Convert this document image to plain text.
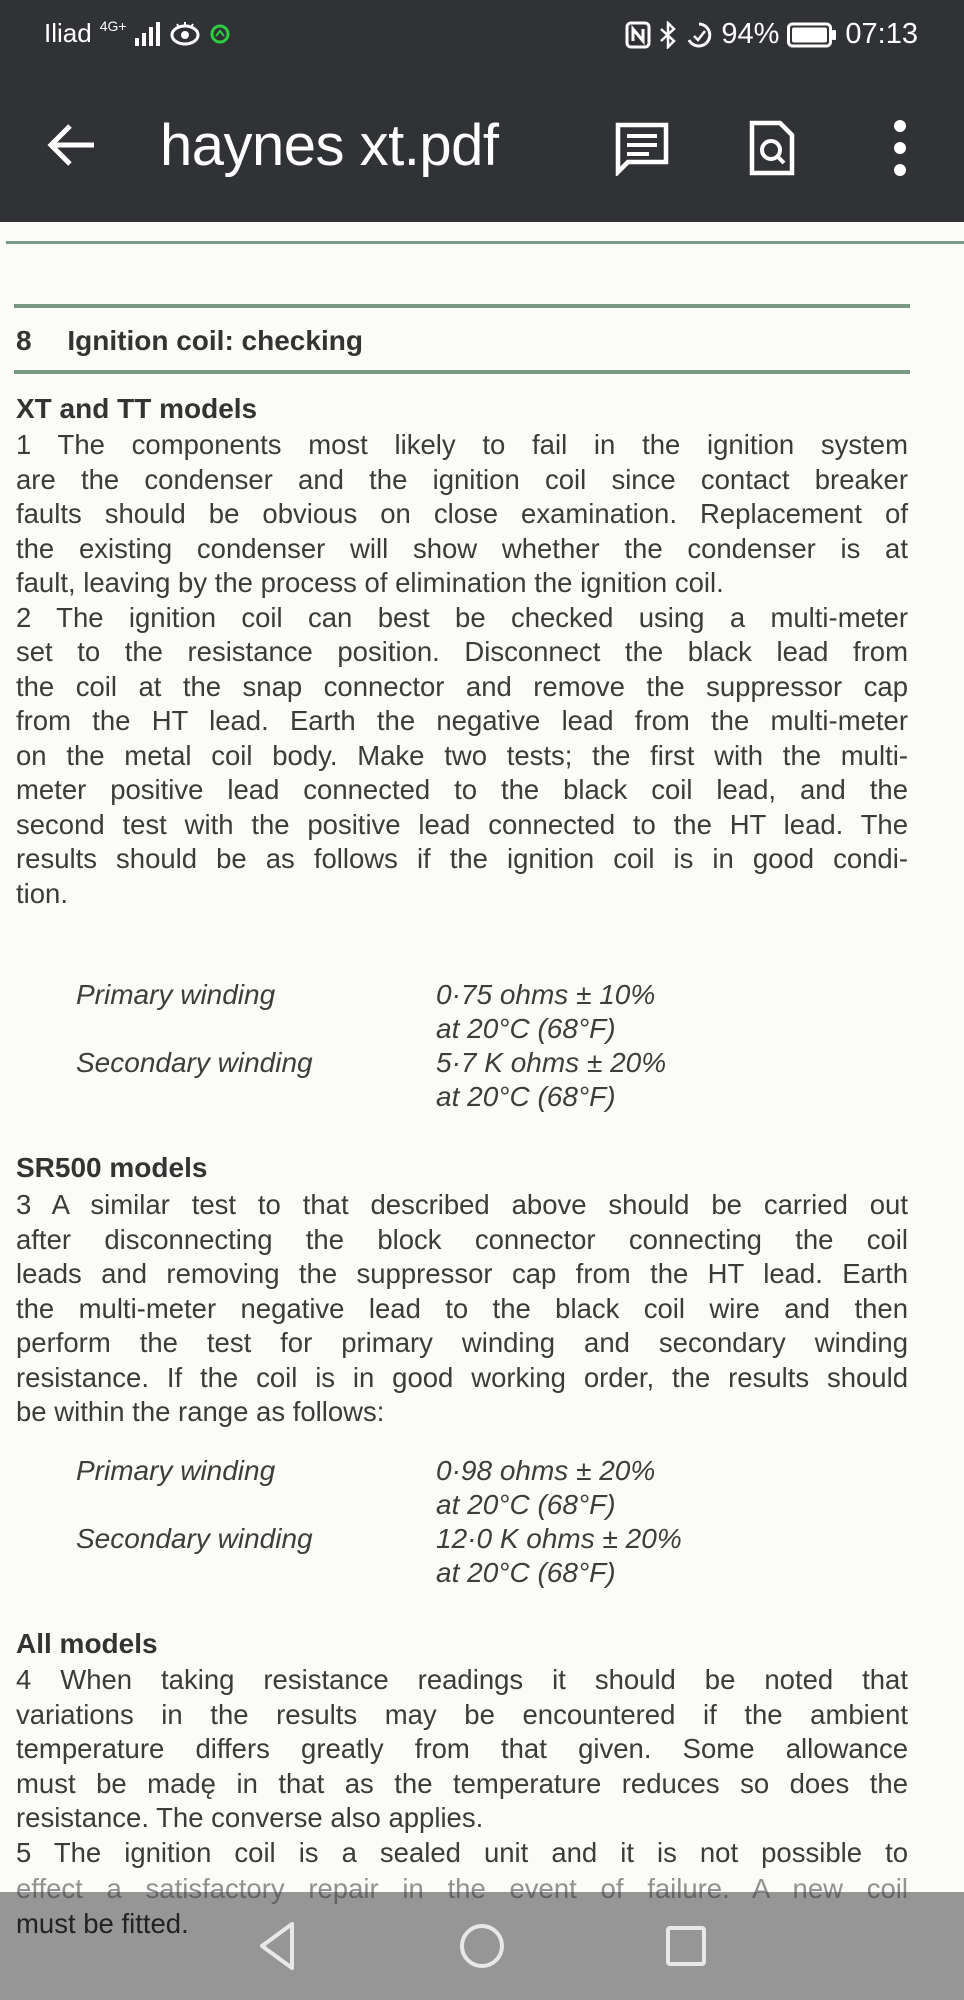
Iliad 4G+	94% 07:13
haynes xt.pdf
8 Ignition coil: checking
XT and TT models

1 The components most likely to fail in the ignition system

are the condenser and the ignition coil since contact breaker

faults should be obvious on close examination. Replacement of

the existing condenser will show whether the condenser is at

fault, leaving by the process of elimination the ignition coil.

2 The ignition coil can best be checked using a multi-meter

set to the resistance position. Disconnect the black lead from

the coil at the snap connector and remove the suppressor cap

from the HT lead. Earth the negative lead from the multi-meter

on the metal coil body. Make two tests; the first with the multi-

meter positive lead connected to the black coil lead, and the

second test with the positive lead connected to the HT lead. The

results should be as follows if the ignition coil is in good condi-

tion.

Primary winding	0·75 ohms ± 10%
at 20°C (68°F)
Secondary winding	5·7 K ohms ± 20%
at 20°C (68°F)
SR500 models

3 A similar test to that described above should be carried out

after disconnecting the block connector connecting the coil

leads and removing the suppressor cap from the HT lead. Earth

the multi-meter negative lead to the black coil wire and then

perform the test for primary winding and secondary winding

resistance. If the coil is in good working order, the results should

be within the range as follows:

Primary winding	0·98 ohms ± 20%
at 20°C (68°F)
Secondary winding	12·0 K ohms ± 20%
at 20°C (68°F)
All models

4 When taking resistance readings it should be noted that

variations in the results may be encountered if the ambient

temperature differs greatly from that given. Some allowance

must be madę in that as the temperature reduces so does the

resistance. The converse also applies.

5 The ignition coil is a sealed unit and it is not possible to

effect a satisfactory repair in the event of failure. A new coil

must be fitted.
